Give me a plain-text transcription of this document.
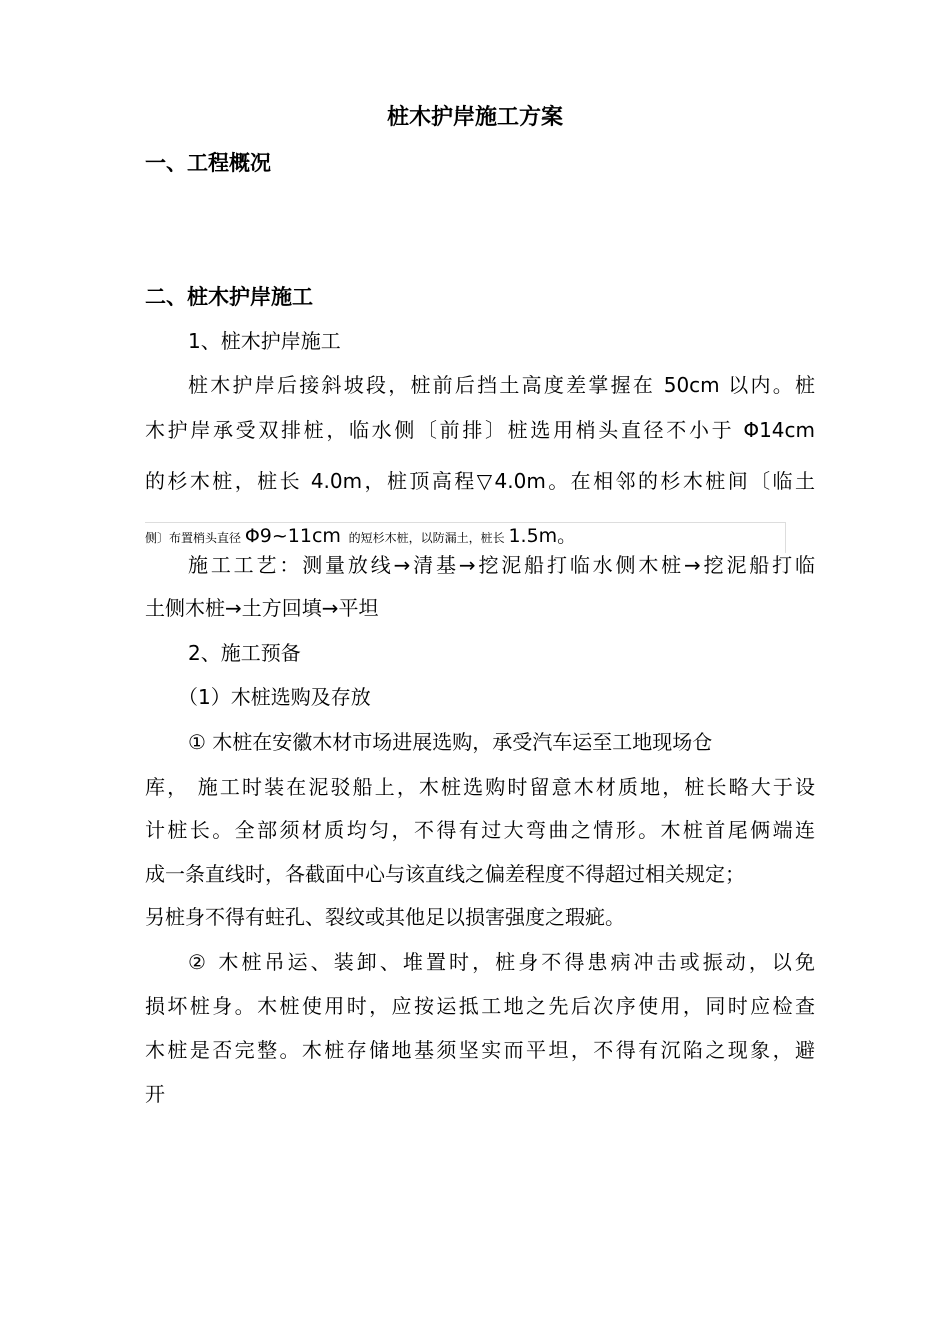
桩木护岸施工方案
一、工程概况
二、桩木护岸施工
1、桩木护岸施工
桩木护岸后接斜坡段，桩前后挡土高度差掌握在 50cm 以内。桩
木护岸承受双排桩，临水侧〔前排〕桩选用梢头直径不小于 Φ14cm
的杉木桩，桩长 4.0m，桩顶高程▽4.0m。在相邻的杉木桩间〔临土
侧〕布置梢头直径 Φ9~11cm 的短杉木桩，以防漏土，桩长 1.5m。
施工工艺：测量放线→清基→挖泥船打临水侧木桩→挖泥船打临
土侧木桩→土方回填→平坦
2、施工预备
（1）木桩选购及存放
① 木桩在安徽木材市场进展选购，承受汽车运至工地现场仓
库， 施工时装在泥驳船上，木桩选购时留意木材质地，桩长略大于设
计桩长。全部须材质均匀，不得有过大弯曲之情形。木桩首尾俩端连
成一条直线时，各截面中心与该直线之偏差程度不得超过相关规定；
另桩身不得有蛀孔、裂纹或其他足以损害强度之瑕疵。
② 木桩吊运、装卸、堆置时，桩身不得患病冲击或振动，以免
损坏桩身。木桩使用时，应按运抵工地之先后次序使用，同时应检查
木桩是否完整。木桩存储地基须坚实而平坦，不得有沉陷之现象，避
开
